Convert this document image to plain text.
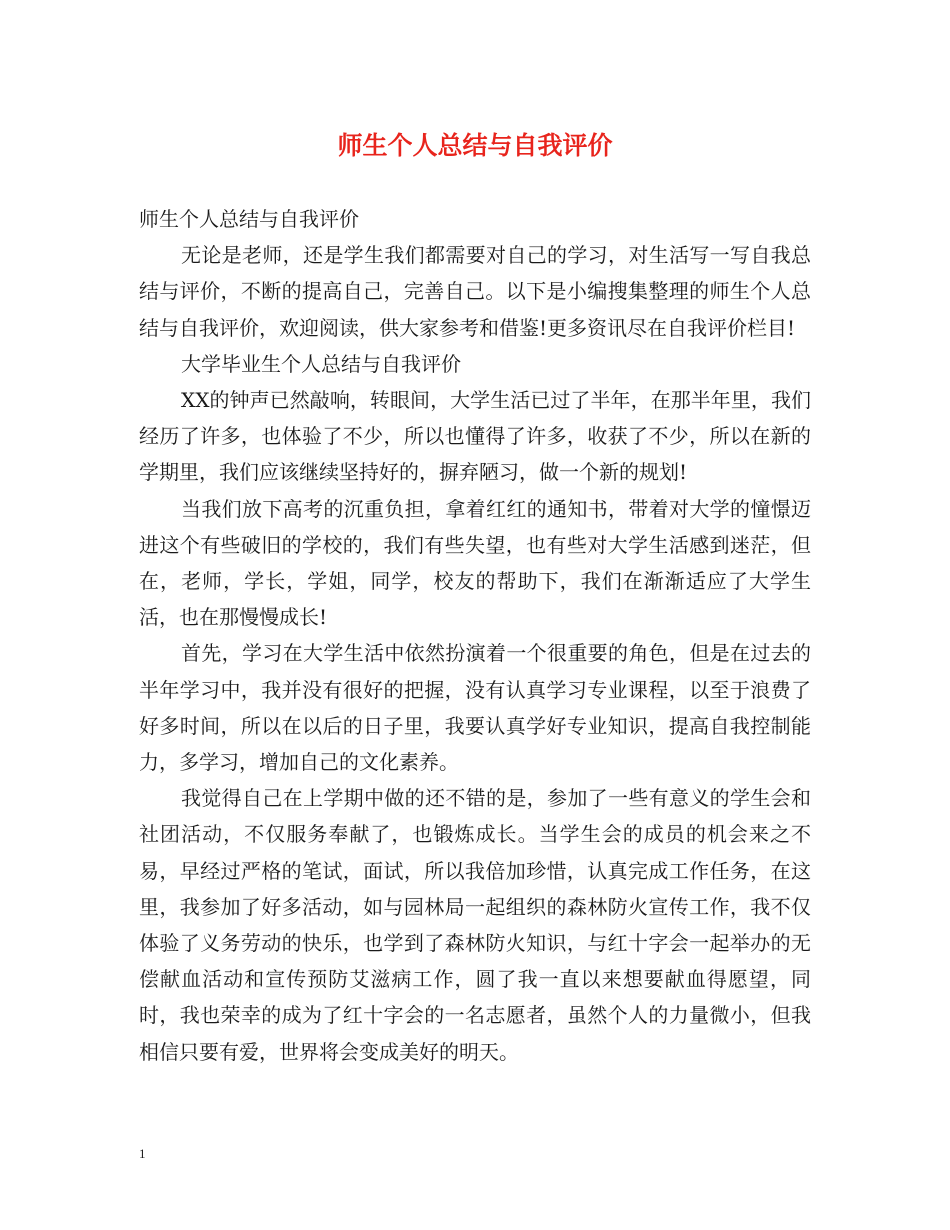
师生个人总结与自我评价

师生个人总结与自我评价

无论是老师，还是学生我们都需要对自己的学习，对生活写一写自我总结与评价，不断的提高自己，完善自己。以下是小编搜集整理的师生个人总结与自我评价，欢迎阅读，供大家参考和借鉴!更多资讯尽在自我评价栏目!

大学毕业生个人总结与自我评价

XX的钟声已然敲响，转眼间，大学生活已过了半年，在那半年里，我们经历了许多，也体验了不少，所以也懂得了许多，收获了不少，所以在新的学期里，我们应该继续坚持好的，摒弃陋习，做一个新的规划!

当我们放下高考的沉重负担，拿着红红的通知书，带着对大学的憧憬迈进这个有些破旧的学校的，我们有些失望，也有些对大学生活感到迷茫，但在，老师，学长，学姐，同学，校友的帮助下，我们在渐渐适应了大学生活，也在那慢慢成长!

首先，学习在大学生活中依然扮演着一个很重要的角色，但是在过去的半年学习中，我并没有很好的把握，没有认真学习专业课程，以至于浪费了好多时间，所以在以后的日子里，我要认真学好专业知识，提高自我控制能力，多学习，增加自己的文化素养。

我觉得自己在上学期中做的还不错的是，参加了一些有意义的学生会和社团活动，不仅服务奉献了，也锻炼成长。当学生会的成员的机会来之不易，早经过严格的笔试，面试，所以我倍加珍惜，认真完成工作任务，在这里，我参加了好多活动，如与园林局一起组织的森林防火宣传工作，我不仅体验了义务劳动的快乐，也学到了森林防火知识，与红十字会一起举办的无偿献血活动和宣传预防艾滋病工作，圆了我一直以来想要献血得愿望，同时，我也荣幸的成为了红十字会的一名志愿者，虽然个人的力量微小，但我相信只要有爱，世界将会变成美好的明天。

1
